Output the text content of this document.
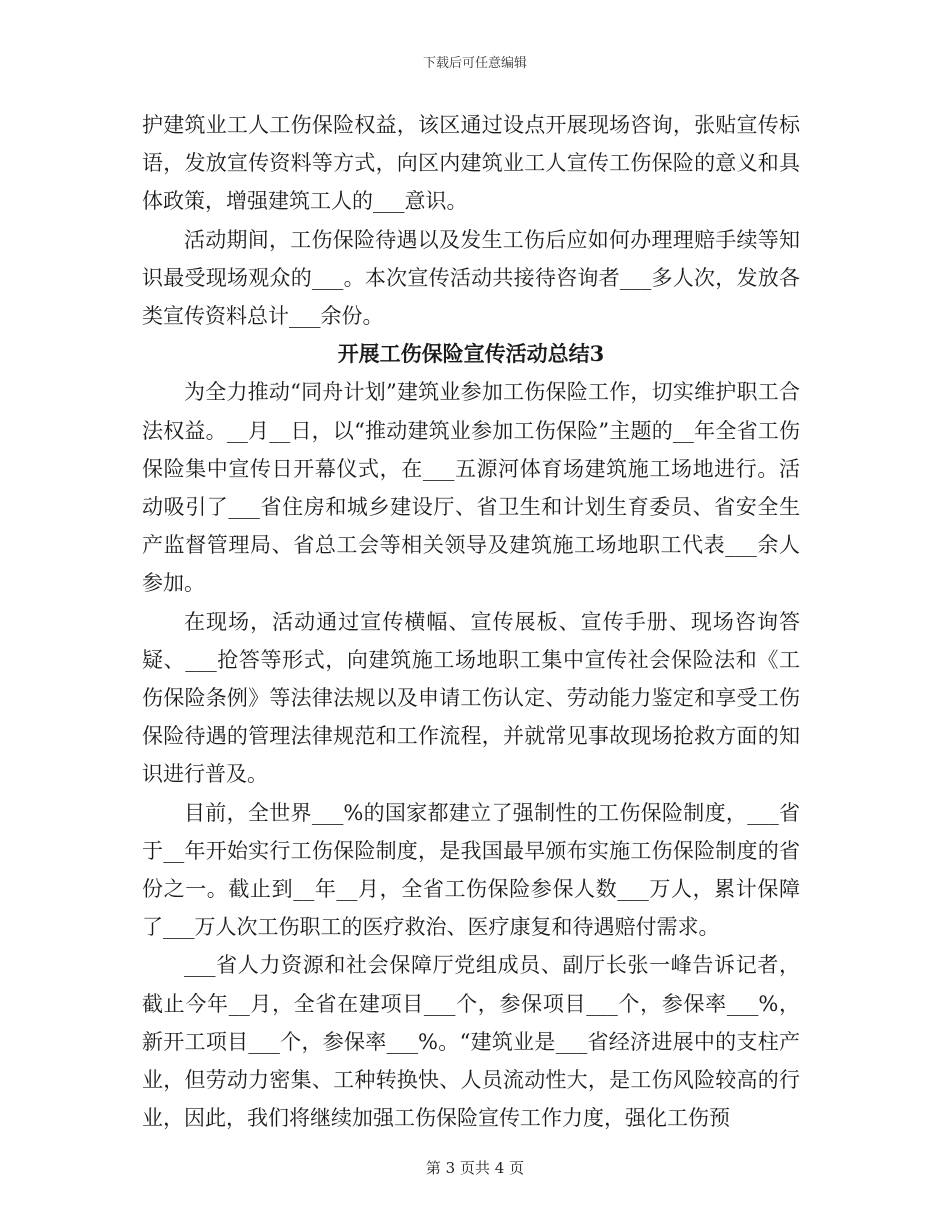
下载后可任意编辑

护建筑业工人工伤保险权益，该区通过设点开展现场咨询，张贴宣传标语，发放宣传资料等方式，向区内建筑业工人宣传工伤保险的意义和具体政策，增强建筑工人的___意识。

活动期间，工伤保险待遇以及发生工伤后应如何办理理赔手续等知识最受现场观众的___。本次宣传活动共接待咨询者___多人次，发放各类宣传资料总计___余份。

开展工伤保险宣传活动总结3

为全力推动“同舟计划”建筑业参加工伤保险工作，切实维护职工合法权益。__月__日，以“推动建筑业参加工伤保险”主题的__年全省工伤保险集中宣传日开幕仪式，在___五源河体育场建筑施工场地进行。活动吸引了___省住房和城乡建设厅、省卫生和计划生育委员、省安全生产监督管理局、省总工会等相关领导及建筑施工场地职工代表___余人参加。

在现场，活动通过宣传横幅、宣传展板、宣传手册、现场咨询答疑、___抢答等形式，向建筑施工场地职工集中宣传社会保险法和《工伤保险条例》等法律法规以及申请工伤认定、劳动能力鉴定和享受工伤保险待遇的管理法律规范和工作流程，并就常见事故现场抢救方面的知识进行普及。

目前，全世界___%的国家都建立了强制性的工伤保险制度，___省于__年开始实行工伤保险制度，是我国最早颁布实施工伤保险制度的省份之一。截止到__年__月，全省工伤保险参保人数___万人，累计保障了___万人次工伤职工的医疗救治、医疗康复和待遇赔付需求。

___省人力资源和社会保障厅党组成员、副厅长张一峰告诉记者，截止今年__月，全省在建项目___个，参保项目___个，参保率___%，新开工项目___个，参保率___%。“建筑业是___省经济进展中的支柱产业，但劳动力密集、工种转换快、人员流动性大，是工伤风险较高的行业，因此，我们将继续加强工伤保险宣传工作力度，强化工伤预

第 3 页共 4 页
